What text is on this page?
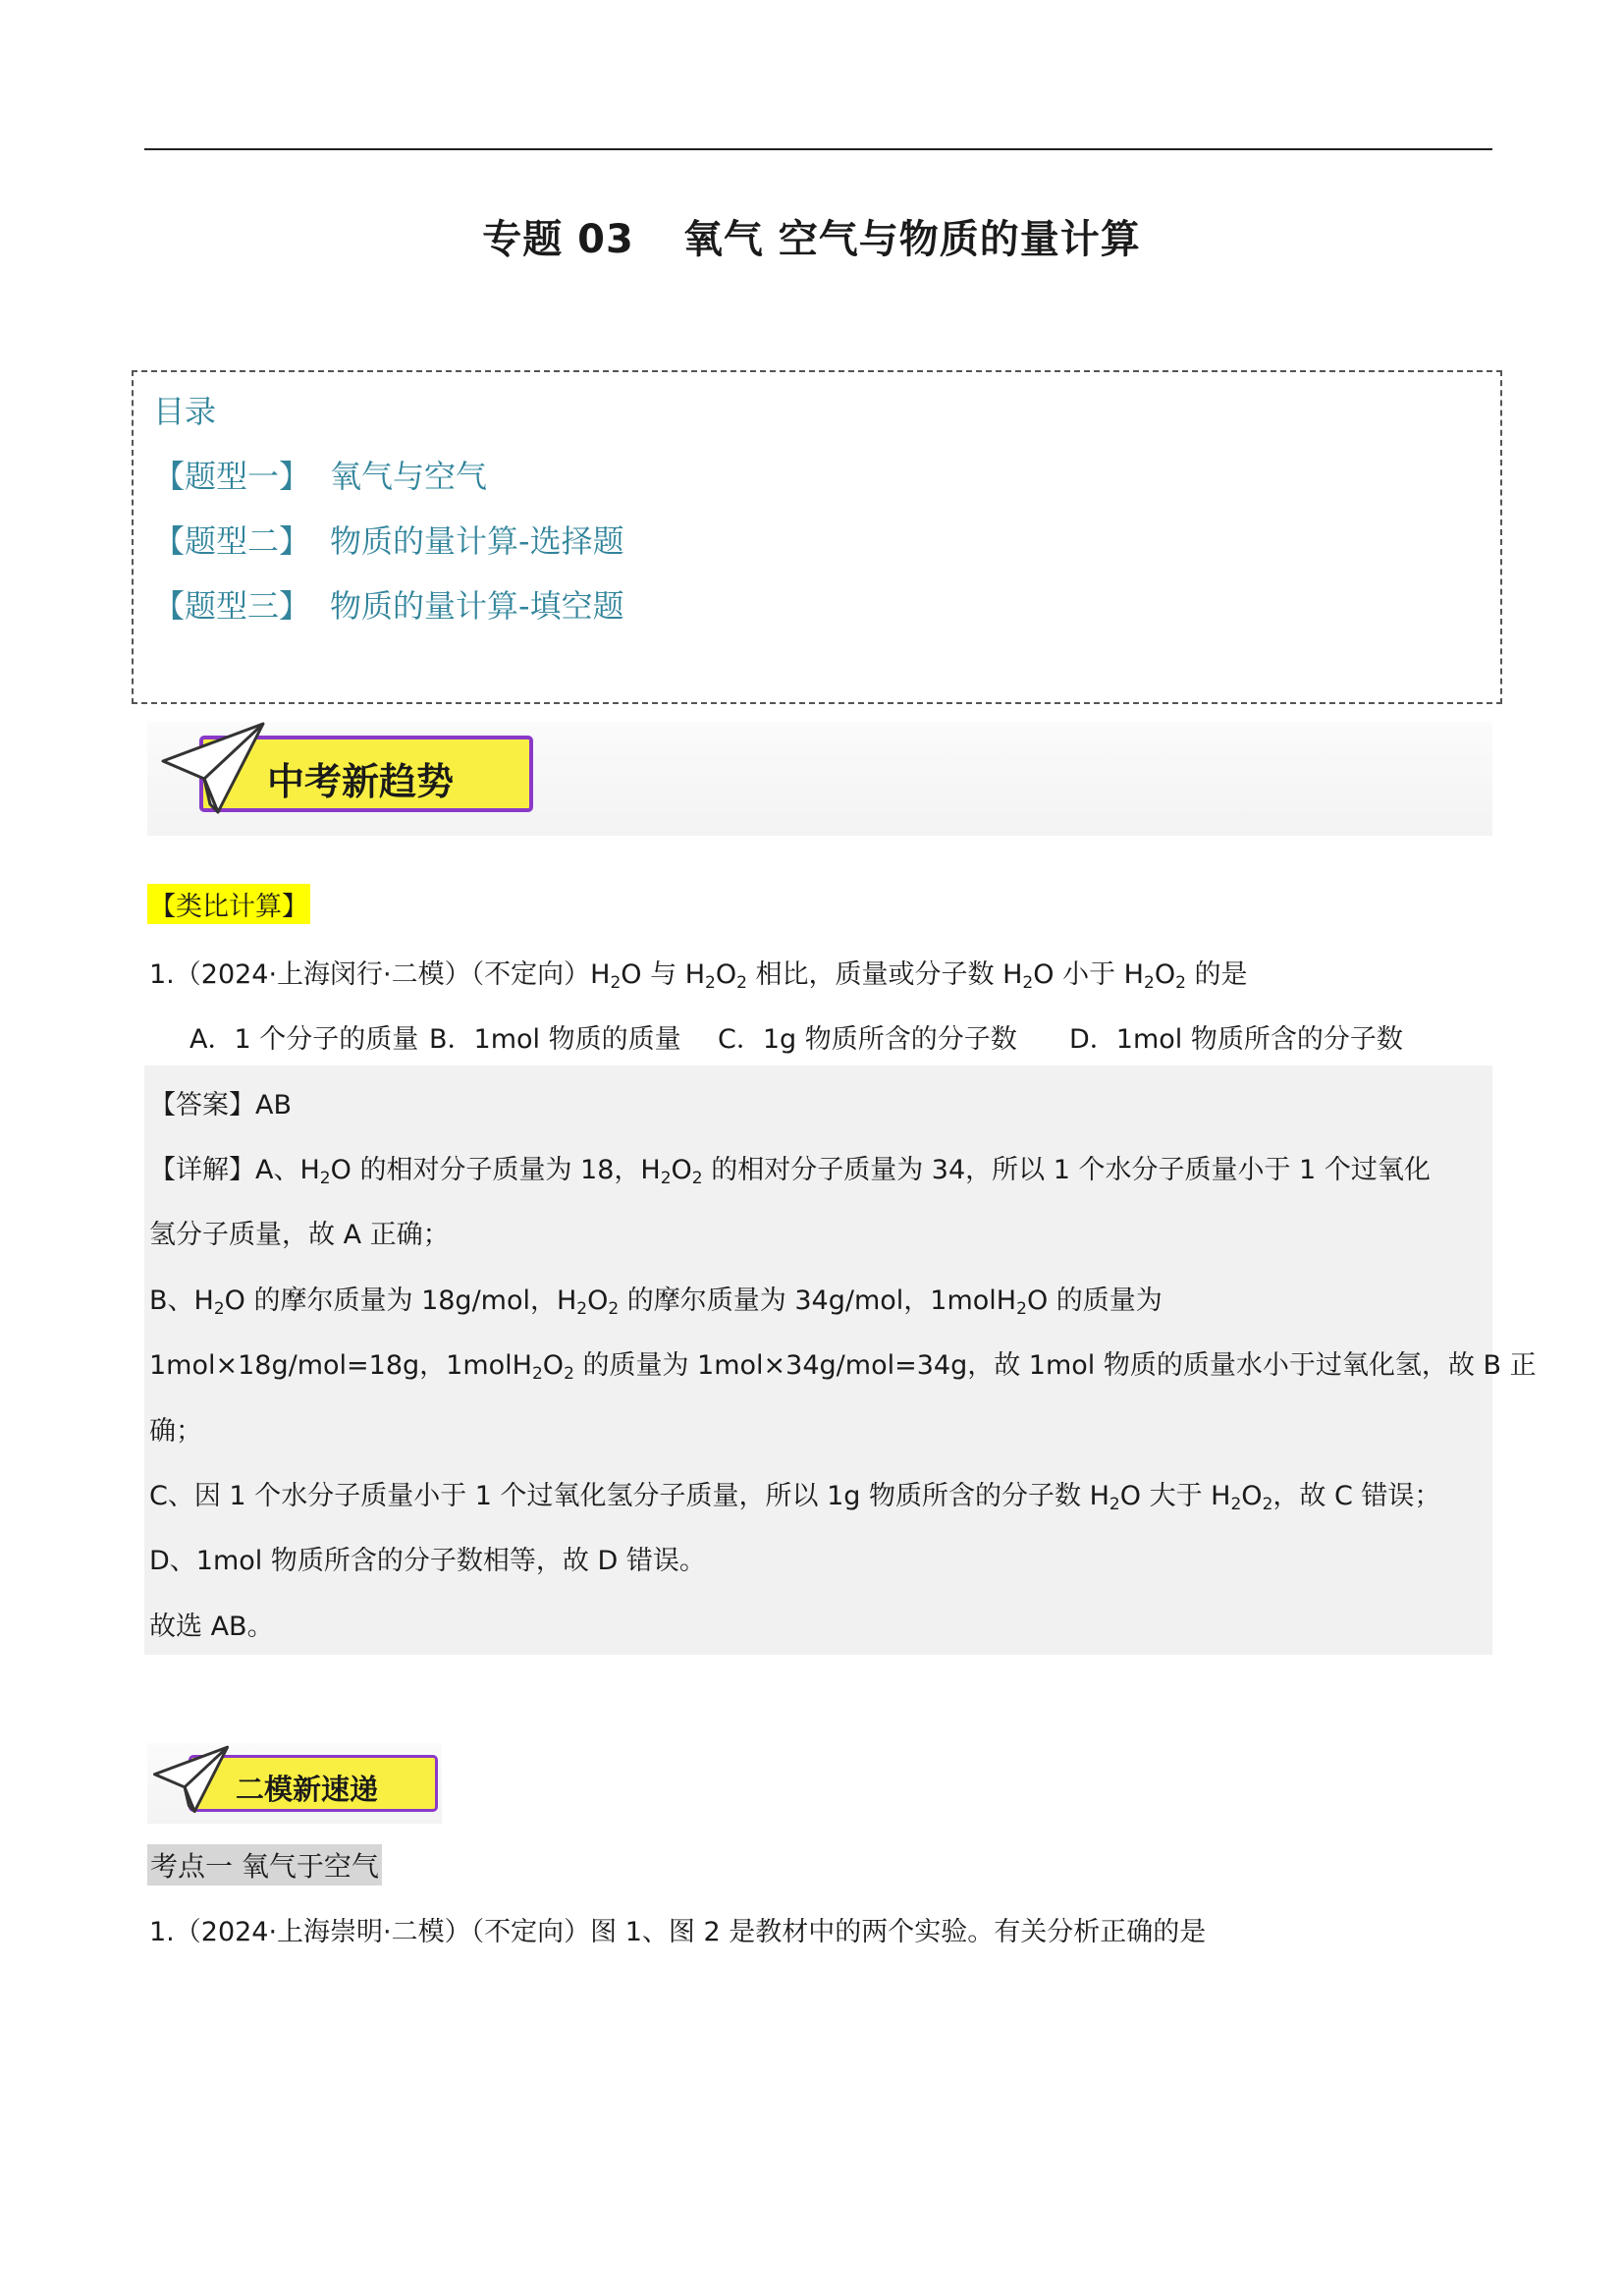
专题 03 氧气 空气与物质的量计算
目录
【题型一】 氧气与空气
【题型二】 物质的量计算-选择题
【题型三】 物质的量计算-填空题
中考新趋势
【类比计算】
1.（2024·上海闵行·二模）（不定向）$H_2O$ 与 $H_2O_2$ 相比，质量或分子数 $H_2O$ 小于 $H_2O_2$ 的是
A．1 个分子的质量 B．1mol 物质的质量 C．1g 物质所含的分子数 D．1mol 物质所含的分子数
【答案】AB
【详解】A、$H_2O$ 的相对分子质量为 18，$H_2O_2$ 的相对分子质量为 34，所以 1 个水分子质量小于 1 个过氧化
氢分子质量，故 A 正确；
B、$H_2O$ 的摩尔质量为 18g/mol，$H_2O_2$ 的摩尔质量为 34g/mol，1molH$_2$O 的质量为
1mol×18g/mol=18g，$1molH_2O_2$ 的质量为 1mol×34g/mol=34g，故 1mol 物质的质量水小于过氧化氢，故 B 正
确；
C、因 1 个水分子质量小于 1 个过氧化氢分子质量，所以 1g 物质所含的分子数 $H_2O$ 大于 $H_2O_2$，故 C 错误；
D、1mol 物质所含的分子数相等，故 D 错误。
故选 AB。
二模新速递
考点一 氧气于空气
1.（2024·上海崇明·二模）（不定向）图 1、图 2 是教材中的两个实验。有关分析正确的是
